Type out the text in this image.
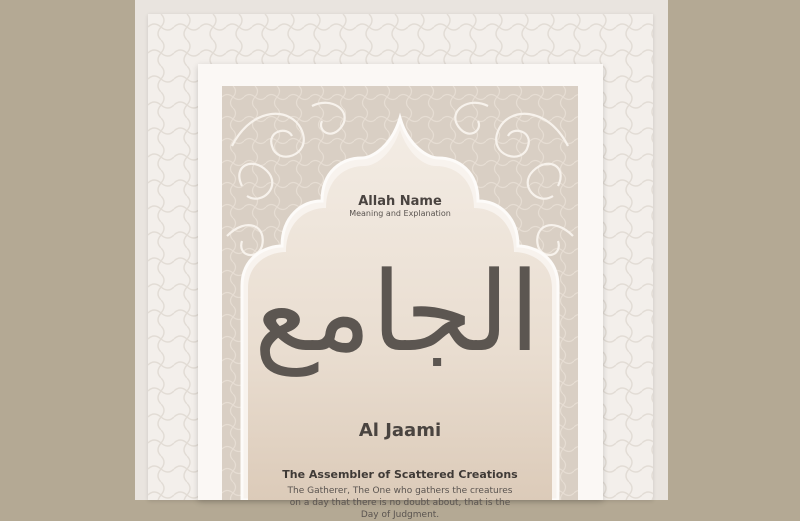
Allah Name
Meaning and Explanation
الجامع
Al Jaami
The Assembler of Scattered Creations
The Gatherer, The One who gathers the creatures on a day that there is no doubt about, that is the Day of Judgment.
